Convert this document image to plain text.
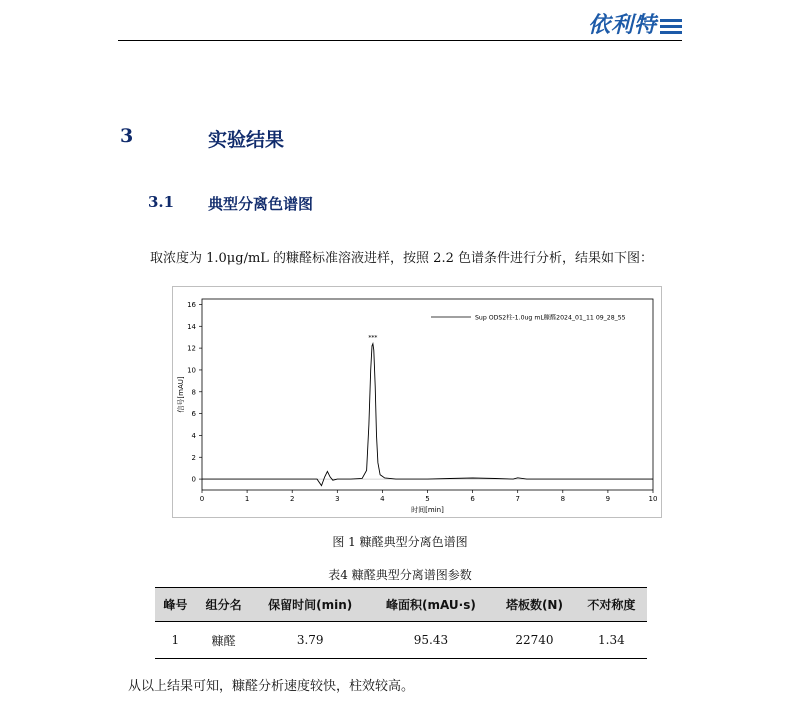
依利特
3	实验结果
3.1 典型分离色谱图
取浓度为 1.0μg/mL 的糠醛标准溶液进样，按照 2.2 色谱条件进行分析，结果如下图：
0	1	2	3	4	5	6	7	8	9	10
0
2
4
6
8
10
12
14
16
时间[min]
信号[mAU]
***
Sup ODS2柱-1.0ug mL糠醛2024_01_11 09_28_55
图 1 糠醛典型分离色谱图
表4 糠醛典型分离谱图参数
峰号	组分名	保留时间(min)	峰面积(mAU·s)	塔板数(N)	不对称度
1	糠醛	3.79	95.43	22740	1.34
从以上结果可知，糠醛分析速度较快，柱效较高。
